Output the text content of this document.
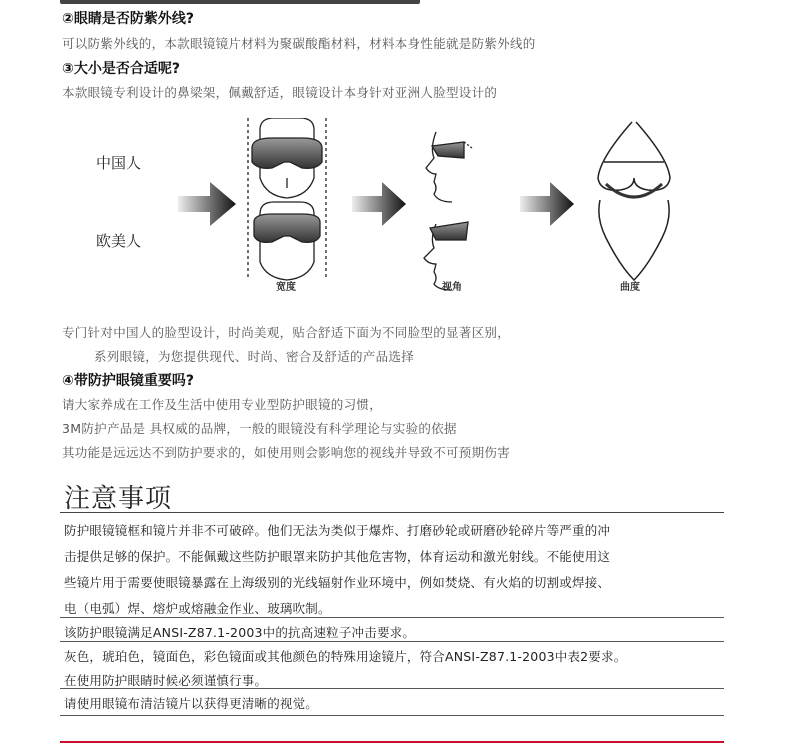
②眼睛是否防紫外线?
可以防紫外线的，本款眼镜镜片材料为聚碳酸酯材料，材料本身性能就是防紫外线的
③大小是否合适呢?
本款眼镜专利设计的鼻梁架，佩戴舒适，眼镜设计本身针对亚洲人脸型设计的
中国人
欧美人
宽度	视角	曲度
专门针对中国人的脸型设计，时尚美观，贴合舒适下面为不同脸型的显著区别，
系列眼镜，为您提供现代、时尚、密合及舒适的产品选择
④带防护眼镜重要吗?
请大家养成在工作及生活中使用专业型防护眼镜的习惯，
3M防护产品是 具权威的品牌，一般的眼镜没有科学理论与实验的依据
其功能是远远达不到防护要求的，如使用则会影响您的视线并导致不可预期伤害
注意事项
防护眼镜镜框和镜片并非不可破碎。他们无法为类似于爆炸、打磨砂轮或研磨砂轮碎片等严重的冲
击提供足够的保护。不能佩戴这些防护眼罩来防护其他危害物，体育运动和激光射线。不能使用这
些镜片用于需要使眼镜暴露在上海级别的光线辐射作业环境中，例如焚烧、有火焰的切割或焊接、
电（电弧）焊、熔炉或熔融金作业、玻璃吹制。
该防护眼镜满足ANSI-Z87.1-2003中的抗高速粒子冲击要求。
灰色，琥珀色，镜面色，彩色镜面或其他颜色的特殊用途镜片，符合ANSI-Z87.1-2003中表2要求。
在使用防护眼睛时候必须谨慎行事。
请使用眼镜布清洁镜片以获得更清晰的视觉。
